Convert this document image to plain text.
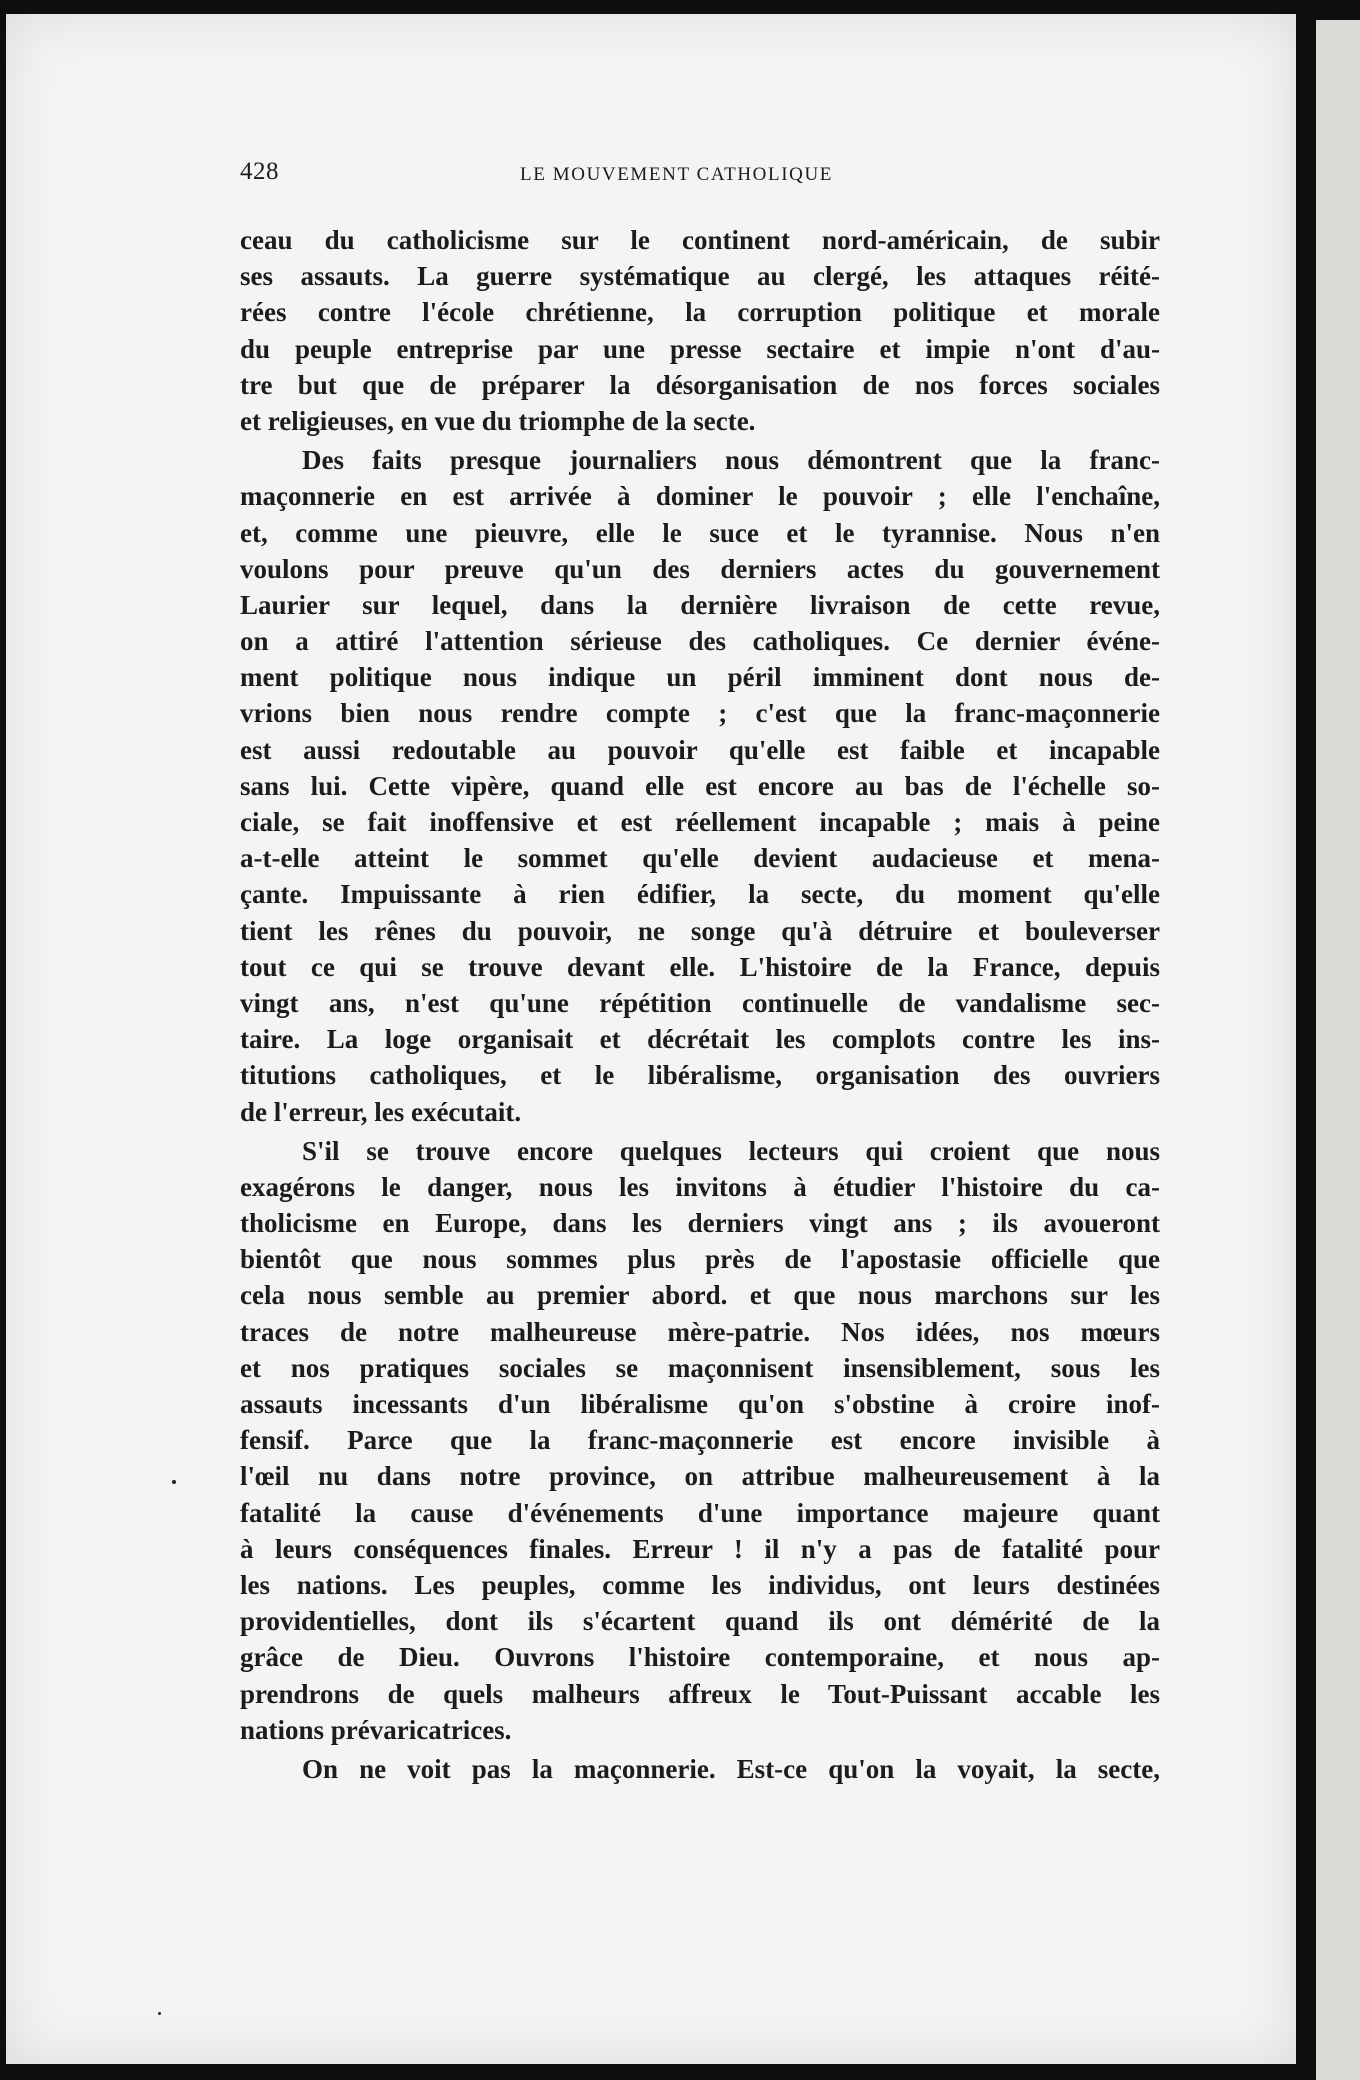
428	LE MOUVEMENT CATHOLIQUE
ceau du catholicisme sur le continent nord-américain, de subir
ses assauts. La guerre systématique au clergé, les attaques réité-
rées contre l'école chrétienne, la corruption politique et morale
du peuple entreprise par une presse sectaire et impie n'ont d'au-
tre but que de préparer la désorganisation de nos forces sociales
et religieuses, en vue du triomphe de la secte.
Des faits presque journaliers nous démontrent que la franc-
maçonnerie en est arrivée à dominer le pouvoir ; elle l'enchaîne,
et, comme une pieuvre, elle le suce et le tyrannise. Nous n'en
voulons pour preuve qu'un des derniers actes du gouvernement
Laurier sur lequel, dans la dernière livraison de cette revue,
on a attiré l'attention sérieuse des catholiques. Ce dernier événe-
ment politique nous indique un péril imminent dont nous de-
vrions bien nous rendre compte ; c'est que la franc-maçonnerie
est aussi redoutable au pouvoir qu'elle est faible et incapable
sans lui. Cette vipère, quand elle est encore au bas de l'échelle so-
ciale, se fait inoffensive et est réellement incapable ; mais à peine
a-t-elle atteint le sommet qu'elle devient audacieuse et mena-
çante. Impuissante à rien édifier, la secte, du moment qu'elle
tient les rênes du pouvoir, ne songe qu'à détruire et bouleverser
tout ce qui se trouve devant elle. L'histoire de la France, depuis
vingt ans, n'est qu'une répétition continuelle de vandalisme sec-
taire. La loge organisait et décrétait les complots contre les ins-
titutions catholiques, et le libéralisme, organisation des ouvriers
de l'erreur, les exécutait.
S'il se trouve encore quelques lecteurs qui croient que nous
exagérons le danger, nous les invitons à étudier l'histoire du ca-
tholicisme en Europe, dans les derniers vingt ans ; ils avoueront
bientôt que nous sommes plus près de l'apostasie officielle que
cela nous semble au premier abord. et que nous marchons sur les
traces de notre malheureuse mère-patrie. Nos idées, nos mœurs
et nos pratiques sociales se maçonnisent insensiblement, sous les
assauts incessants d'un libéralisme qu'on s'obstine à croire inof-
fensif. Parce que la franc-maçonnerie est encore invisible à
l'œil nu dans notre province, on attribue malheureusement à la
fatalité la cause d'événements d'une importance majeure quant
à leurs conséquences finales. Erreur ! il n'y a pas de fatalité pour
les nations. Les peuples, comme les individus, ont leurs destinées
providentielles, dont ils s'écartent quand ils ont démérité de la
grâce de Dieu. Ouvrons l'histoire contemporaine, et nous ap-
prendrons de quels malheurs affreux le Tout-Puissant accable les
nations prévaricatrices.
On ne voit pas la maçonnerie. Est-ce qu'on la voyait, la secte,
